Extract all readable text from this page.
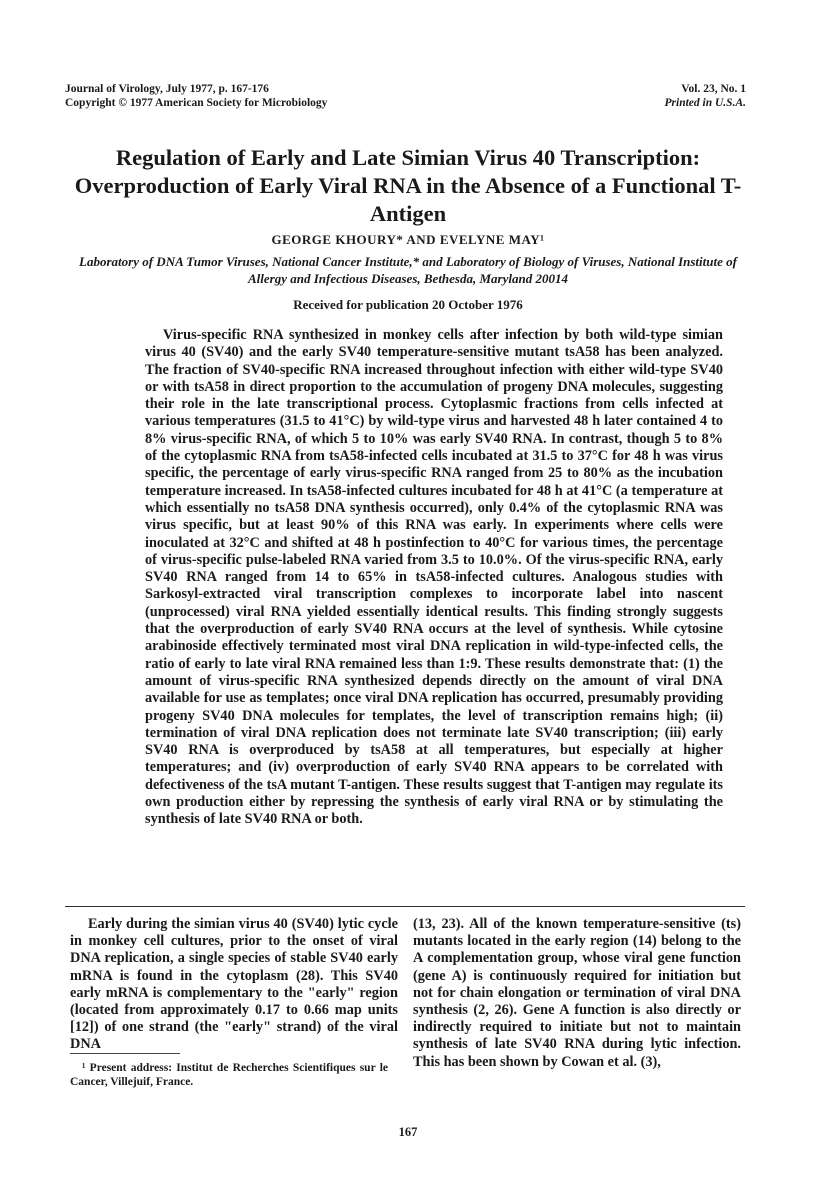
Journal of Virology, July 1977, p. 167-176
Copyright © 1977 American Society for Microbiology
Vol. 23, No. 1
Printed in U.S.A.
Regulation of Early and Late Simian Virus 40 Transcription: Overproduction of Early Viral RNA in the Absence of a Functional T-Antigen
GEORGE KHOURY* AND EVELYNE MAY¹
Laboratory of DNA Tumor Viruses, National Cancer Institute,* and Laboratory of Biology of Viruses, National Institute of Allergy and Infectious Diseases, Bethesda, Maryland 20014
Received for publication 20 October 1976

Virus-specific RNA synthesized in monkey cells after infection by both wild-type simian virus 40 (SV40) and the early SV40 temperature-sensitive mutant tsA58 has been analyzed. The fraction of SV40-specific RNA increased throughout infection with either wild-type SV40 or with tsA58 in direct proportion to the accumulation of progeny DNA molecules, suggesting their role in the late transcriptional process. Cytoplasmic fractions from cells infected at various temperatures (31.5 to 41°C) by wild-type virus and harvested 48 h later contained 4 to 8% virus-specific RNA, of which 5 to 10% was early SV40 RNA. In contrast, though 5 to 8% of the cytoplasmic RNA from tsA58-infected cells incubated at 31.5 to 37°C for 48 h was virus specific, the percentage of early virus-specific RNA ranged from 25 to 80% as the incubation temperature increased. In tsA58-infected cultures incubated for 48 h at 41°C (a temperature at which essentially no tsA58 DNA synthesis occurred), only 0.4% of the cytoplasmic RNA was virus specific, but at least 90% of this RNA was early. In experiments where cells were inoculated at 32°C and shifted at 48 h postinfection to 40°C for various times, the percentage of virus-specific pulse-labeled RNA varied from 3.5 to 10.0%. Of the virus-specific RNA, early SV40 RNA ranged from 14 to 65% in tsA58-infected cultures. Analogous studies with Sarkosyl-extracted viral transcription complexes to incorporate label into nascent (unprocessed) viral RNA yielded essentially identical results. This finding strongly suggests that the overproduction of early SV40 RNA occurs at the level of synthesis. While cytosine arabinoside effectively terminated most viral DNA replication in wild-type-infected cells, the ratio of early to late viral RNA remained less than 1:9. These results demonstrate that: (1) the amount of virus-specific RNA synthesized depends directly on the amount of viral DNA available for use as templates; once viral DNA replication has occurred, presumably providing progeny SV40 DNA molecules for templates, the level of transcription remains high; (ii) termination of viral DNA replication does not terminate late SV40 transcription; (iii) early SV40 RNA is overproduced by tsA58 at all temperatures, but especially at higher temperatures; and (iv) overproduction of early SV40 RNA appears to be correlated with defectiveness of the tsA mutant T-antigen. These results suggest that T-antigen may regulate its own production either by repressing the synthesis of early viral RNA or by stimulating the synthesis of late SV40 RNA or both.

Early during the simian virus 40 (SV40) lytic cycle in monkey cell cultures, prior to the onset of viral DNA replication, a single species of stable SV40 early mRNA is found in the cytoplasm (28). This SV40 early mRNA is complementary to the "early" region (located from approximately 0.17 to 0.66 map units [12]) of one strand (the "early" strand) of the viral DNA

(13, 23). All of the known temperature-sensitive (ts) mutants located in the early region (14) belong to the A complementation group, whose viral gene function (gene A) is continuously required for initiation but not for chain elongation or termination of viral DNA synthesis (2, 26). Gene A function is also directly or indirectly required to initiate but not to maintain synthesis of late SV40 RNA during lytic infection. This has been shown by Cowan et al. (3),

¹ Present address: Institut de Recherches Scientifiques sur le Cancer, Villejuif, France.

167
